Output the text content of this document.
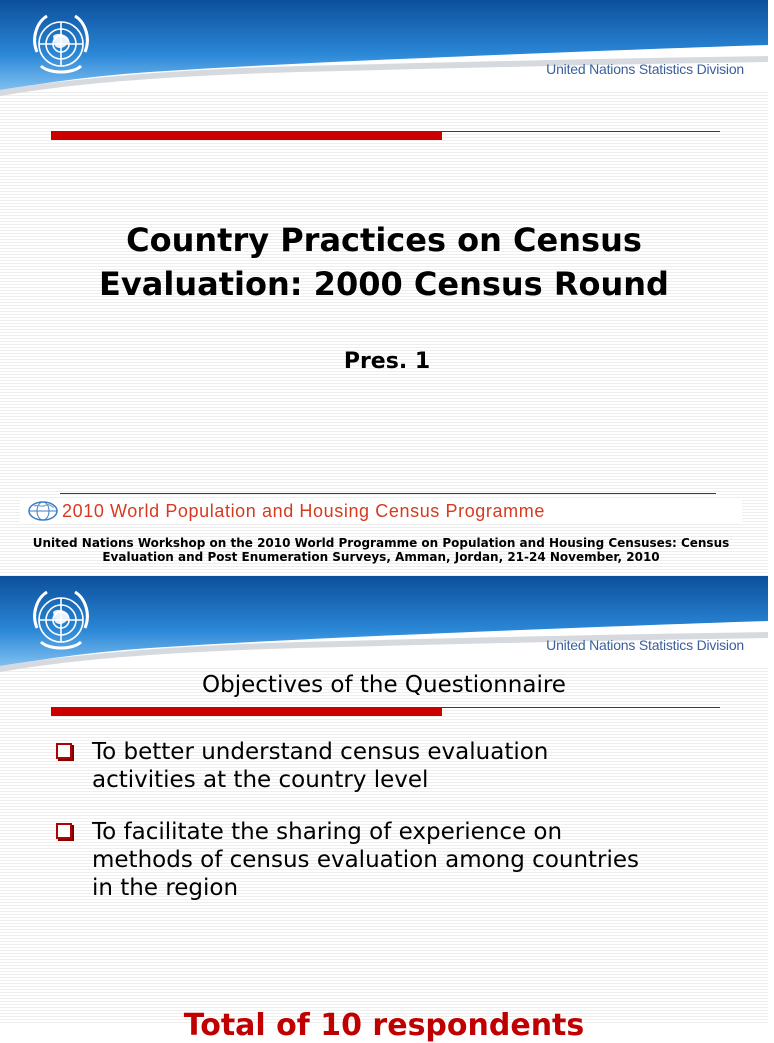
United Nations Statistics Division
Country Practices on Census
Evaluation: 2000 Census Round
Pres. 1
2010 World Population and Housing Census Programme
United Nations Workshop on the 2010 World Programme on Population and Housing Censuses: Census
Evaluation and Post Enumeration Surveys, Amman, Jordan, 21-24 November, 2010
United Nations Statistics Division
Objectives of the Questionnaire
To better understand census evaluation
activities at the country level
To facilitate the sharing of experience on
methods of census evaluation among countries
in the region
Total of 10 respondents
